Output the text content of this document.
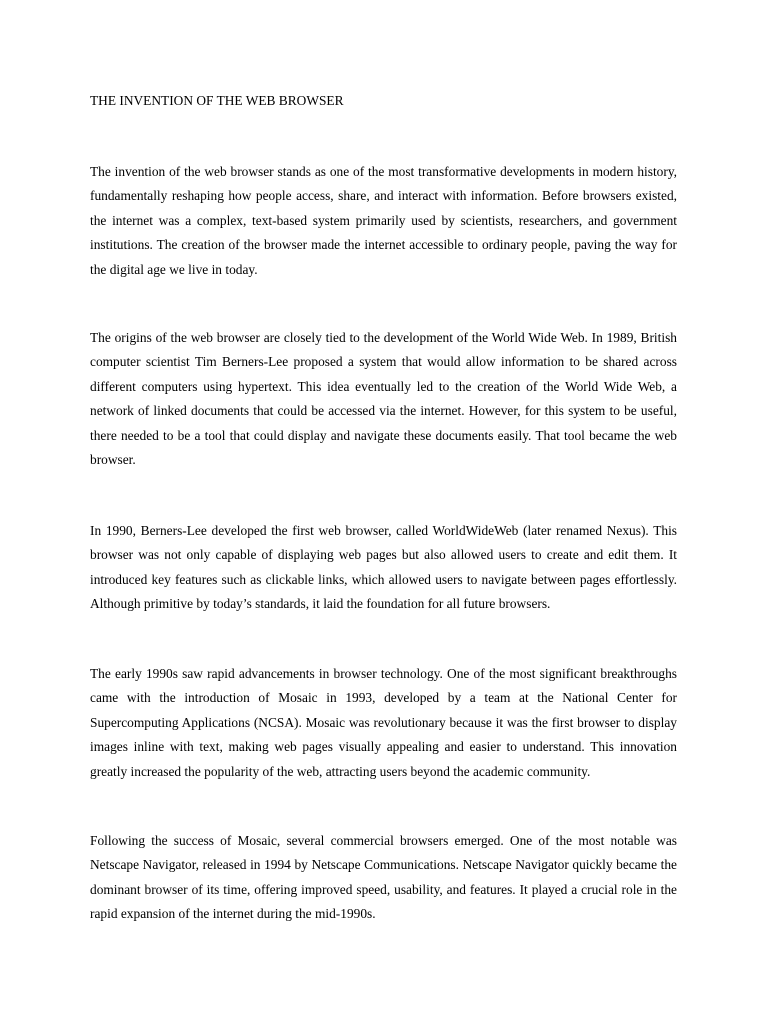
THE INVENTION OF THE WEB BROWSER

The invention of the web browser stands as one of the most transformative developments in modern history, fundamentally reshaping how people access, share, and interact with information. Before browsers existed, the internet was a complex, text-based system primarily used by scientists, researchers, and government institutions. The creation of the browser made the internet accessible to ordinary people, paving the way for the digital age we live in today.

The origins of the web browser are closely tied to the development of the World Wide Web. In 1989, British computer scientist Tim Berners-Lee proposed a system that would allow information to be shared across different computers using hypertext. This idea eventually led to the creation of the World Wide Web, a network of linked documents that could be accessed via the internet. However, for this system to be useful, there needed to be a tool that could display and navigate these documents easily. That tool became the web browser.

In 1990, Berners-Lee developed the first web browser, called WorldWideWeb (later renamed Nexus). This browser was not only capable of displaying web pages but also allowed users to create and edit them. It introduced key features such as clickable links, which allowed users to navigate between pages effortlessly. Although primitive by today’s standards, it laid the foundation for all future browsers.

The early 1990s saw rapid advancements in browser technology. One of the most significant breakthroughs came with the introduction of Mosaic in 1993, developed by a team at the National Center for Supercomputing Applications (NCSA). Mosaic was revolutionary because it was the first browser to display images inline with text, making web pages visually appealing and easier to understand. This innovation greatly increased the popularity of the web, attracting users beyond the academic community.

Following the success of Mosaic, several commercial browsers emerged. One of the most notable was Netscape Navigator, released in 1994 by Netscape Communications. Netscape Navigator quickly became the dominant browser of its time, offering improved speed, usability, and features. It played a crucial role in the rapid expansion of the internet during the mid-1990s.
